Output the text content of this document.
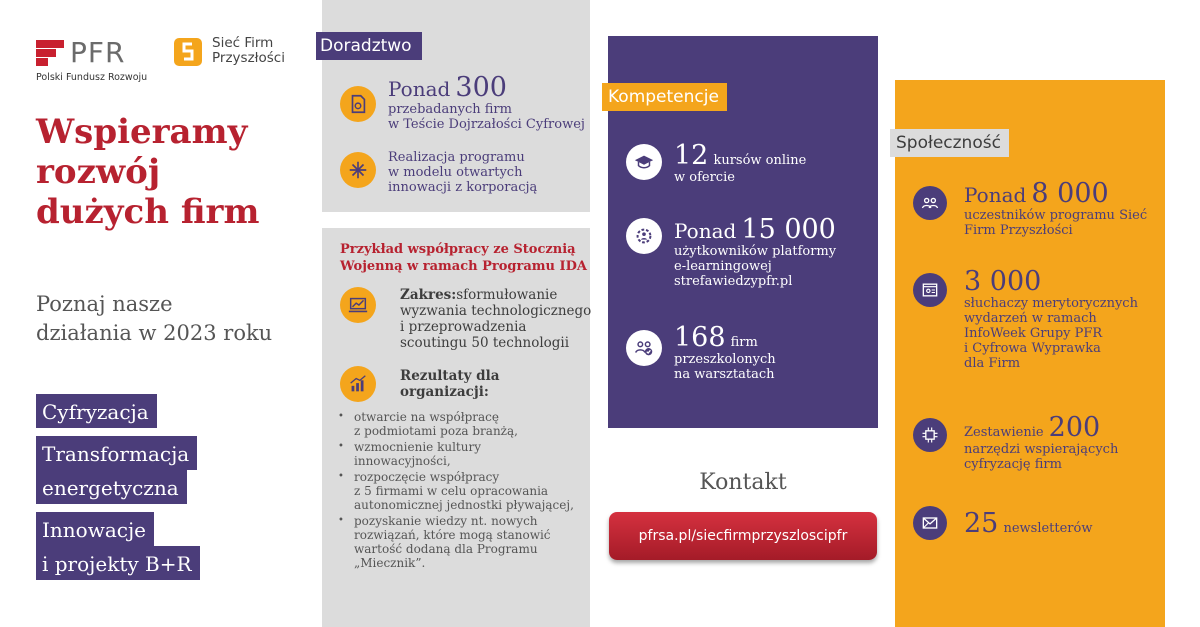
PFR
Polski Fundusz Rozwoju
Sieć Firm
Przyszłości
Wspieramy
rozwój
dużych firm
Poznaj nasze
działania w 2023 roku
Cyfryzacja
Transformacja
energetyczna
Innowacje
i projekty B+R
Doradztwo
Ponad 300
przebadanych firm
w Teście Dojrzałości Cyfrowej
Realizacja programu
w modelu otwartych
innowacji z korporacją
Przykład współpracy ze Stocznią
Wojenną w ramach Programu IDA
Zakres:sformułowanie
wyzwania technologicznego
i przeprowadzenia
scoutingu 50 technologii
Rezultaty dla
organizacji:
• otwarcie na współpracę
z podmiotami poza branżą,
• wzmocnienie kultury
innowacyjności,
• rozpoczęcie współpracy
z 5 firmami w celu opracowania
autonomicznej jednostki pływającej,
• pozyskanie wiedzy nt. nowych
rozwiązań, które mogą stanowić
wartość dodaną dla Programu
„Miecznik”.
Kompetencje
12 kursów online
w ofercie
Ponad 15 000
użytkowników platformy
e-learningowej
strefawiedzypfr.pl
168 firm
przeszkolonych
na warsztatach
Kontakt
pfrsa.pl/siecfirmprzyszloscipfr
Społeczność
Ponad 8 000
uczestników programu Sieć
Firm Przyszłości
3 000
słuchaczy merytorycznych
wydarzeń w ramach
InfoWeek Grupy PFR
i Cyfrowa Wyprawka
dla Firm
Zestawienie 200
narzędzi wspierających
cyfryzację firm
25 newsletterów
